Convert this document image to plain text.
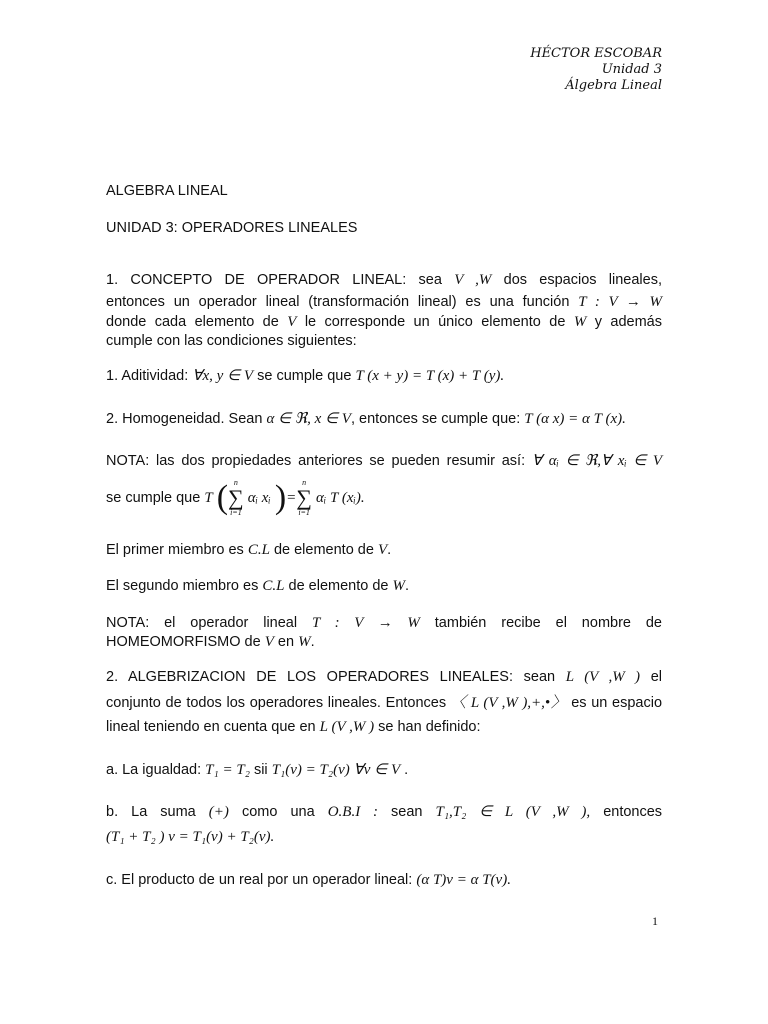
HÉCTOR ESCOBAR
Unidad 3
Álgebra Lineal
ALGEBRA LINEAL
UNIDAD 3: OPERADORES LINEALES
1. CONCEPTO DE OPERADOR LINEAL: sea V ,W dos espacios lineales,
entonces un operador lineal (transformación lineal) es una función T : V → W
donde cada elemento de V le corresponde un único elemento de W y además
cumple con las condiciones siguientes:
1. Aditividad: ∀x, y ∈ V se cumple que T (x + y) = T (x) + T (y).
2. Homogeneidad. Sean α ∈ ℜ, x ∈ V, entonces se cumple que: T (α x) = α T (x).
NOTA: las dos propiedades anteriores se pueden resumir así: ∀ αᵢ ∈ ℜ,∀ xᵢ ∈ V
se cumple que T ( n
∑
i=1
αᵢ xᵢ )=
n
∑
i=1
αᵢ T (xᵢ).
El primer miembro es C.L de elemento de V.
El segundo miembro es C.L de elemento de W.
NOTA: el operador lineal T : V → W también recibe el nombre de
HOMEOMORFISMO de V en W.
2. ALGEBRIZACION DE LOS OPERADORES LINEALES: sean L (V ,W ) el
conjunto de todos los operadores lineales. Entonces 〈 L (V ,W ),+,•〉 es un espacio
lineal teniendo en cuenta que en L (V ,W ) se han definido:
a. La igualdad: T₁ = T₂ sii T₁(v) = T₂(v) ∀v ∈ V .
b. La suma (+) como una O.B.I : sean T₁,T₂ ∈ L (V ,W ), entonces
(T₁ + T₂ ) v = T₁(v) + T₂(v).
c. El producto de un real por un operador lineal: (α T)v = α T(v).
1
